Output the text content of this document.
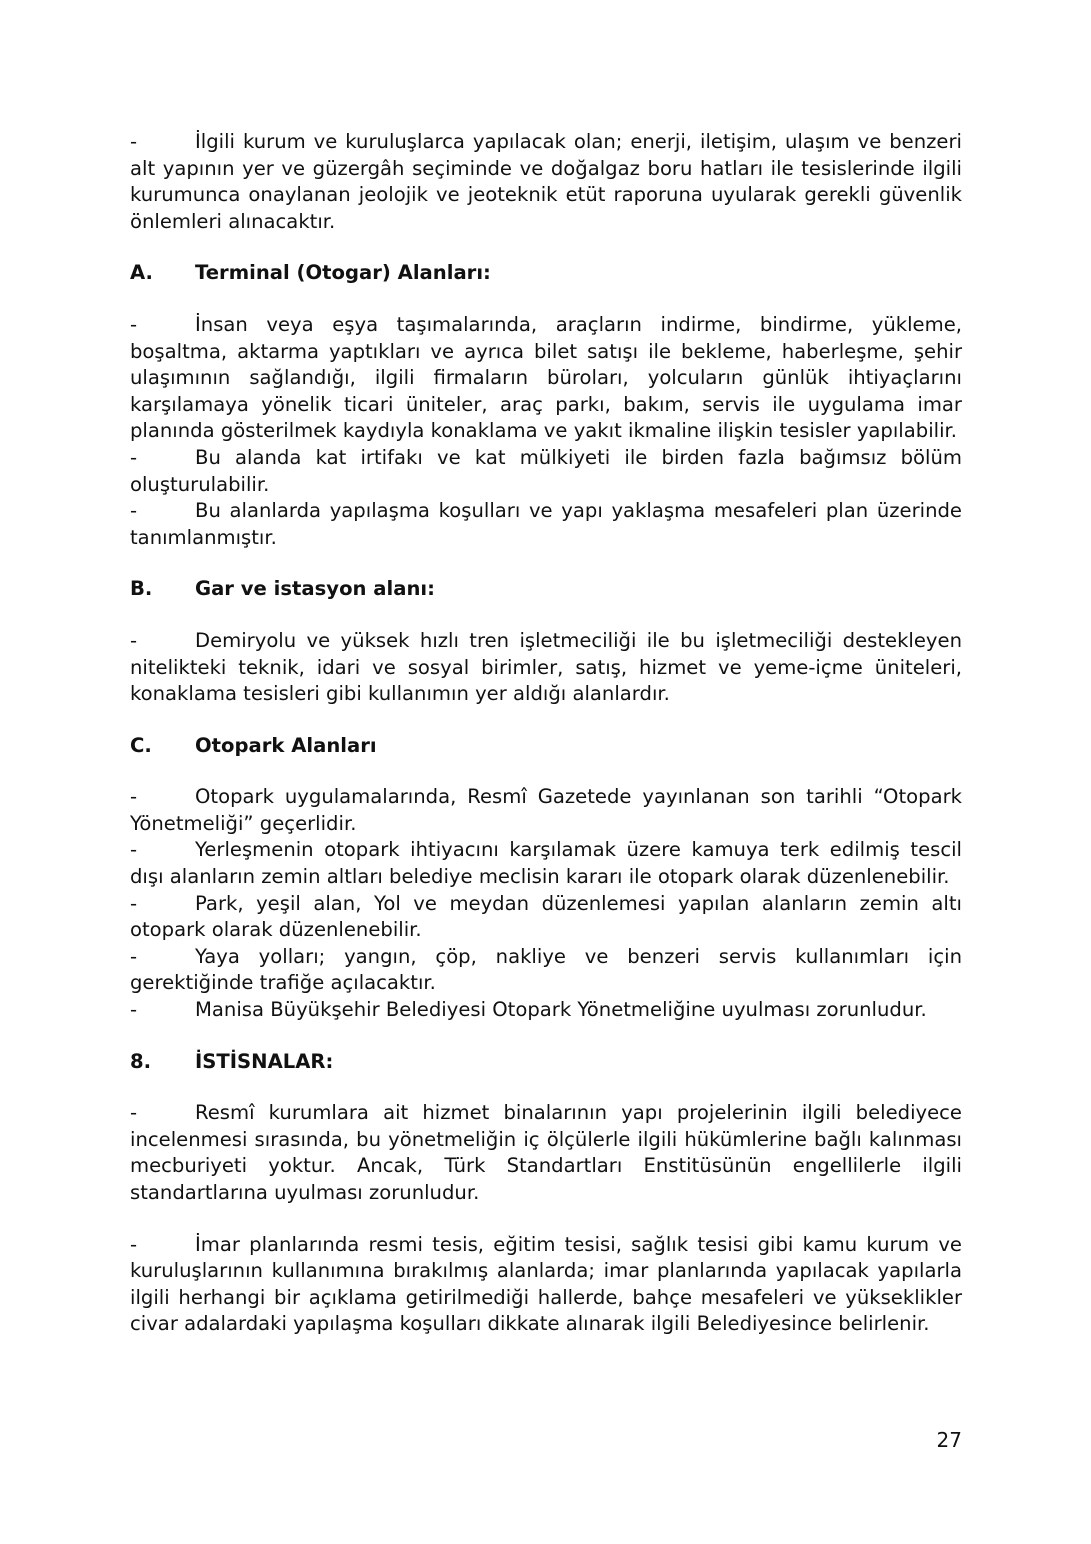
-	İlgili kurum ve kuruluşlarca yapılacak olan; enerji, iletişim, ulaşım ve benzeri alt yapının yer ve güzergâh seçiminde ve doğalgaz boru hatları ile tesislerinde ilgili kurumunca onaylanan jeolojik ve jeoteknik etüt raporuna uyularak gerekli güvenlik önlemleri alınacaktır.
A.	Terminal (Otogar) Alanları:
-	İnsan veya eşya taşımalarında, araçların indirme, bindirme, yükleme, boşaltma, aktarma yaptıkları ve ayrıca bilet satışı ile bekleme, haberleşme, şehir ulaşımının sağlandığı, ilgili firmaların büroları, yolcuların günlük ihtiyaçlarını karşılamaya yönelik ticari üniteler, araç parkı, bakım, servis ile uygulama imar planında gösterilmek kaydıyla konaklama ve yakıt ikmaline ilişkin tesisler yapılabilir.
-	Bu alanda kat irtifakı ve kat mülkiyeti ile birden fazla bağımsız bölüm oluşturulabilir.
-	Bu alanlarda yapılaşma koşulları ve yapı yaklaşma mesafeleri plan üzerinde tanımlanmıştır.
B.	Gar ve istasyon alanı:
-	Demiryolu ve yüksek hızlı tren işletmeciliği ile bu işletmeciliği destekleyen nitelikteki teknik, idari ve sosyal birimler, satış, hizmet ve yeme-içme üniteleri, konaklama tesisleri gibi kullanımın yer aldığı alanlardır.
C.	Otopark Alanları
-	Otopark uygulamalarında, Resmî Gazetede yayınlanan son tarihli “Otopark Yönetmeliği” geçerlidir.
-	Yerleşmenin otopark ihtiyacını karşılamak üzere kamuya terk edilmiş tescil dışı alanların zemin altları belediye meclisin kararı ile otopark olarak düzenlenebilir.
-	Park, yeşil alan, Yol ve meydan düzenlemesi yapılan alanların zemin altı otopark olarak düzenlenebilir.
-	Yaya yolları; yangın, çöp, nakliye ve benzeri servis kullanımları için gerektiğinde trafiğe açılacaktır.
-	Manisa Büyükşehir Belediyesi Otopark Yönetmeliğine uyulması zorunludur.
8.	İSTİSNALAR:
-	Resmî kurumlara ait hizmet binalarının yapı projelerinin ilgili belediyece incelenmesi sırasında, bu yönetmeliğin iç ölçülerle ilgili hükümlerine bağlı kalınması mecburiyeti yoktur. Ancak, Türk Standartları Enstitüsünün engellilerle ilgili standartlarına uyulması zorunludur.
-	İmar planlarında resmi tesis, eğitim tesisi, sağlık tesisi gibi kamu kurum ve kuruluşlarının kullanımına bırakılmış alanlarda; imar planlarında yapılacak yapılarla ilgili herhangi bir açıklama getirilmediği hallerde, bahçe mesafeleri ve yükseklikler civar adalardaki yapılaşma koşulları dikkate alınarak ilgili Belediyesince belirlenir.
27
